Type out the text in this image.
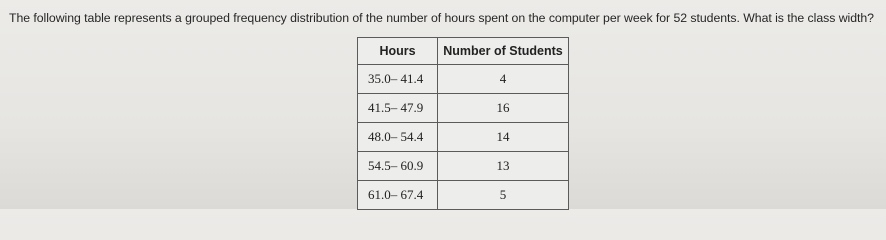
The following table represents a grouped frequency distribution of the number of hours spent on the computer per week for 52 students. What is the class width?
Hours	Number of Students
35.0– 41.4	4
41.5– 47.9	16
48.0– 54.4	14
54.5– 60.9	13
61.0– 67.4	5
